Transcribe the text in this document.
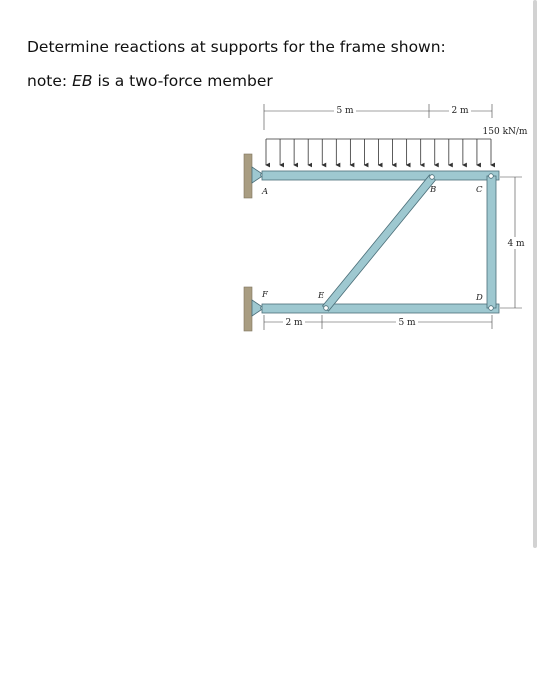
Determine reactions at supports for the frame shown:
note: EB is a two-force member
5 m	2 m
150 kN/m
4 m
2 m	5 m
A	B	C
D
E
F
